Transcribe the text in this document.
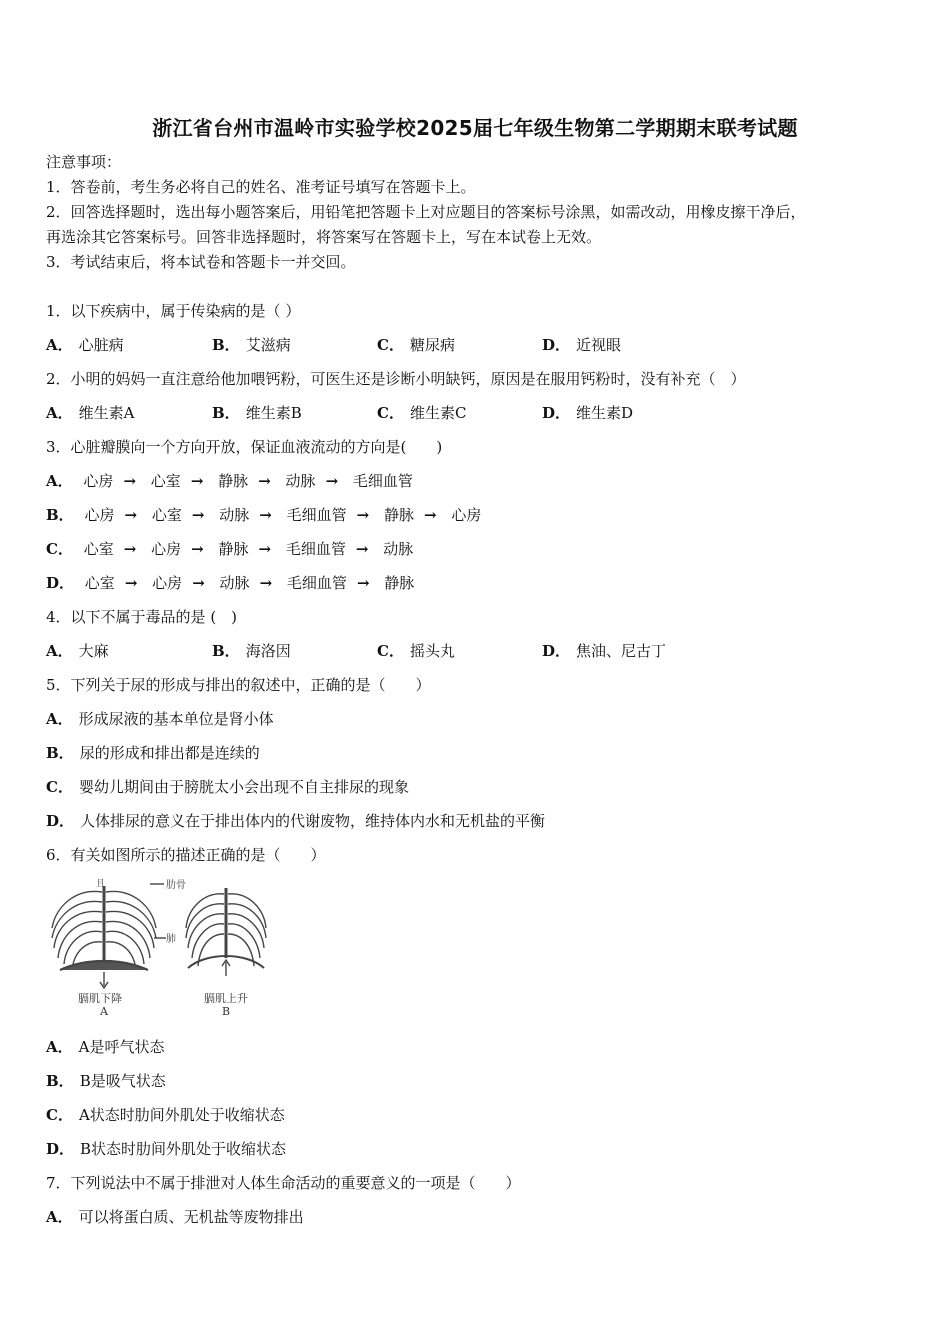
浙江省台州市温岭市实验学校2025届七年级生物第二学期期末联考试题
注意事项：
1．答卷前，考生务必将自己的姓名、准考证号填写在答题卡上。
2．回答选择题时，选出每小题答案后，用铅笔把答题卡上对应题目的答案标号涂黑，如需改动，用橡皮擦干净后，
再选涂其它答案标号。回答非选择题时，将答案写在答题卡上，写在本试卷上无效。
3．考试结束后，将本试卷和答题卡一并交回。
1．以下疾病中，属于传染病的是（ ）
A． 心脏病	B． 艾滋病	C． 糖尿病	D． 近视眼
2．小明的妈妈一直注意给他加喂钙粉，可医生还是诊断小明缺钙，原因是在服用钙粉时，没有补充（　）
A． 维生素A	B． 维生素B	C． 维生素C	D． 维生素D
3．心脏瓣膜向一个方向开放，保证血液流动的方向是(　　)
A． 心房 → 心室 → 静脉 → 动脉 → 毛细血管
B． 心房 → 心室 → 动脉 → 毛细血管 → 静脉 → 心房
C． 心室 → 心房 → 静脉 → 毛细血管 → 动脉
D． 心室 → 心房 → 动脉 → 毛细血管 → 静脉
4．以下不属于毒品的是 (　)
A． 大麻	B． 海洛因	C． 摇头丸	D． 焦油、尼古丁
5．下列关于尿的形成与排出的叙述中，正确的是（　　）
A． 形成尿液的基本单位是肾小体
B． 尿的形成和排出都是连续的
C． 婴幼儿期间由于膀胱太小会出现不自主排尿的现象
D． 人体排尿的意义在于排出体内的代谢废物，维持体内水和无机盐的平衡
6．有关如图所示的描述正确的是（　　）
且	肋骨
肺
膈肌下降
A
膈肌上升
B
A． A是呼气状态
B． B是吸气状态
C． A状态时肋间外肌处于收缩状态
D． B状态时肋间外肌处于收缩状态
7．下列说法中不属于排泄对人体生命活动的重要意义的一项是（　　）
A． 可以将蛋白质、无机盐等废物排出
